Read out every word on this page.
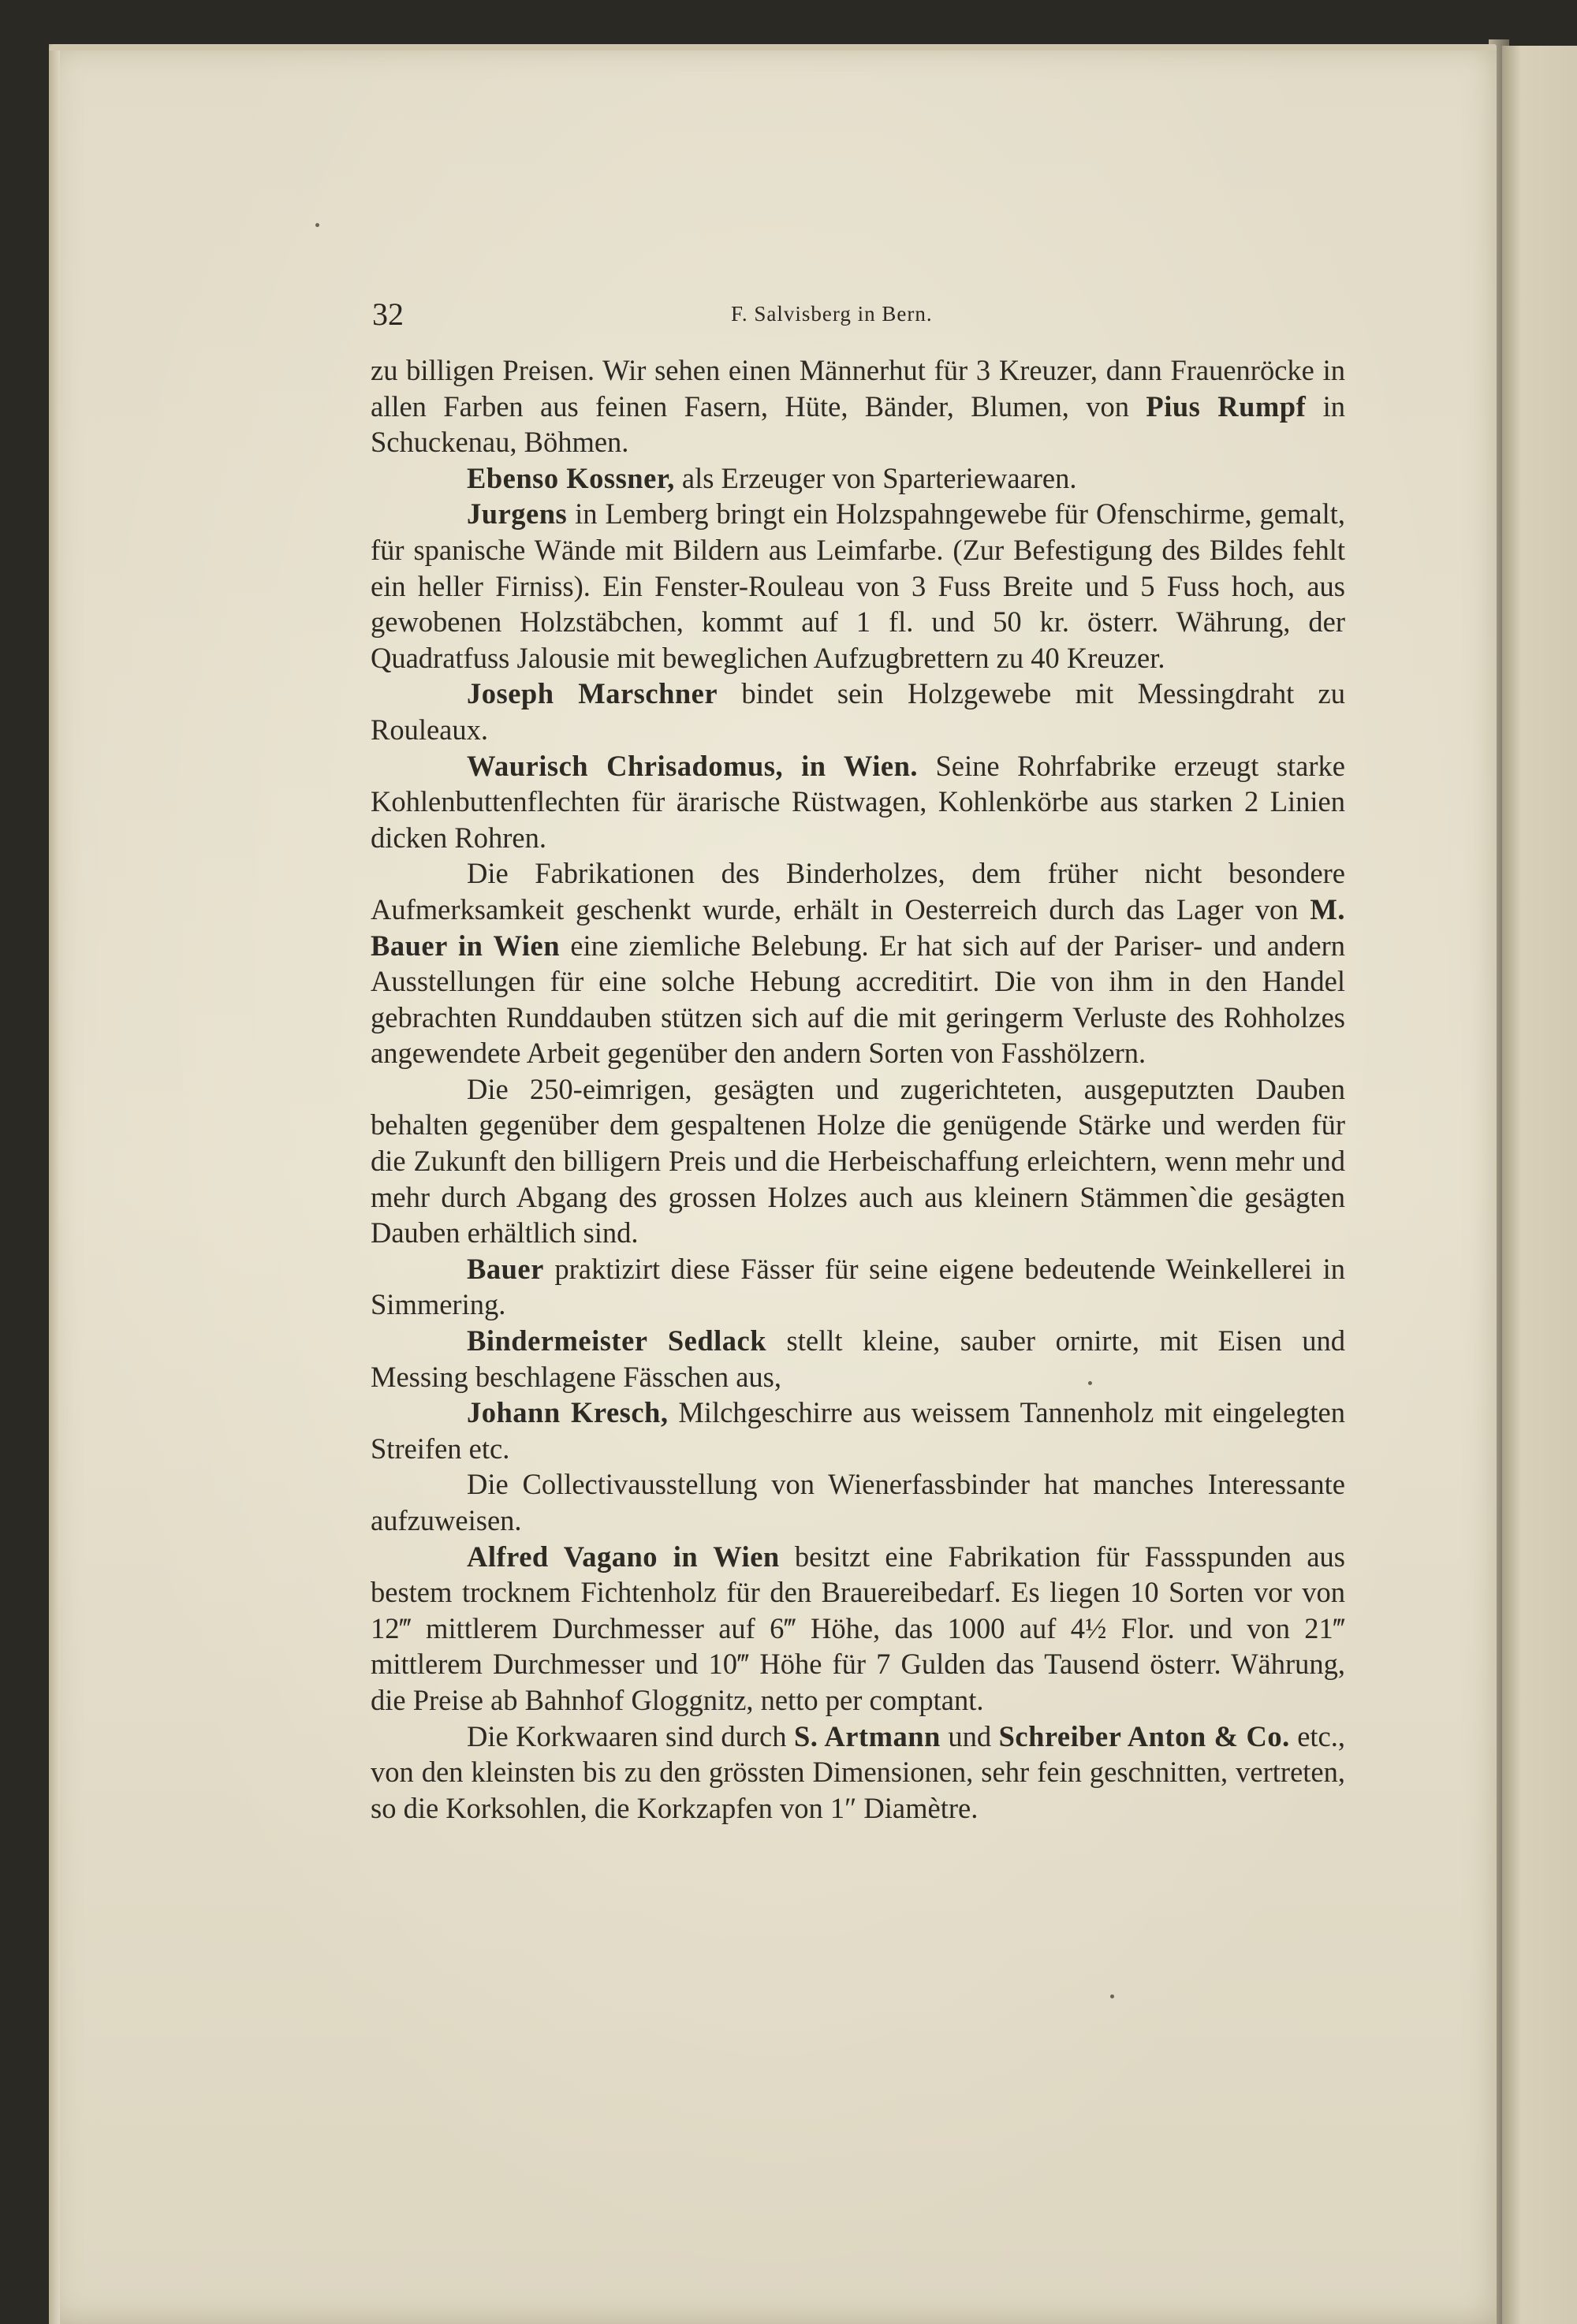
32	F. Salvisberg in Bern.

zu billigen Preisen. Wir sehen einen Männerhut für 3 Kreuzer, dann Frauenröcke in allen Farben aus feinen Fasern, Hüte, Bänder, Blumen, von Pius Rumpf in Schuckenau, Böhmen.

Ebenso Kossner, als Erzeuger von Sparteriewaaren.

Jurgens in Lemberg bringt ein Holzspahngewebe für Ofenschirme, gemalt, für spanische Wände mit Bildern aus Leimfarbe. (Zur Befestigung des Bildes fehlt ein heller Firniss). Ein Fenster-Rouleau von 3 Fuss Breite und 5 Fuss hoch, aus gewobenen Holzstäbchen, kommt auf 1 fl. und 50 kr. österr. Währung, der Quadratfuss Jalousie mit beweglichen Aufzugbrettern zu 40 Kreuzer.

Joseph Marschner bindet sein Holzgewebe mit Messingdraht zu Rouleaux.

Waurisch Chrisadomus, in Wien. Seine Rohrfabrike erzeugt starke Kohlenbuttenflechten für ärarische Rüstwagen, Kohlenkörbe aus starken 2 Linien dicken Rohren.

Die Fabrikationen des Binderholzes, dem früher nicht besondere Aufmerksamkeit geschenkt wurde, erhält in Oesterreich durch das Lager von M. Bauer in Wien eine ziemliche Belebung. Er hat sich auf der Pariser- und andern Ausstellungen für eine solche Hebung accreditirt. Die von ihm in den Handel gebrachten Runddauben stützen sich auf die mit geringerm Verluste des Rohholzes angewendete Arbeit gegenüber den andern Sorten von Fasshölzern.

Die 250-eimrigen, gesägten und zugerichteten, ausgeputzten Dauben behalten gegenüber dem gespaltenen Holze die genügende Stärke und werden für die Zukunft den billigern Preis und die Herbeischaffung erleichtern, wenn mehr und mehr durch Abgang des grossen Holzes auch aus kleinern Stämmen`die gesägten Dauben erhältlich sind.

Bauer praktizirt diese Fässer für seine eigene bedeutende Weinkellerei in Simmering.

Bindermeister Sedlack stellt kleine, sauber ornirte, mit Eisen und Messing beschlagene Fässchen aus,

Johann Kresch, Milchgeschirre aus weissem Tannenholz mit eingelegten Streifen etc.

Die Collectivausstellung von Wienerfassbinder hat manches Interessante aufzuweisen.

Alfred Vagano in Wien besitzt eine Fabrikation für Fassspunden aus bestem trocknem Fichtenholz für den Brauereibedarf. Es liegen 10 Sorten vor von 12‴ mittlerem Durchmesser auf 6‴ Höhe, das 1000 auf 4½ Flor. und von 21‴ mittlerem Durchmesser und 10‴ Höhe für 7 Gulden das Tausend österr. Währung, die Preise ab Bahnhof Gloggnitz, netto per comptant.

Die Korkwaaren sind durch S. Artmann und Schreiber Anton & Co. etc., von den kleinsten bis zu den grössten Dimensionen, sehr fein geschnitten, vertreten, so die Korksohlen, die Korkzapfen von 1″ Diamètre.
